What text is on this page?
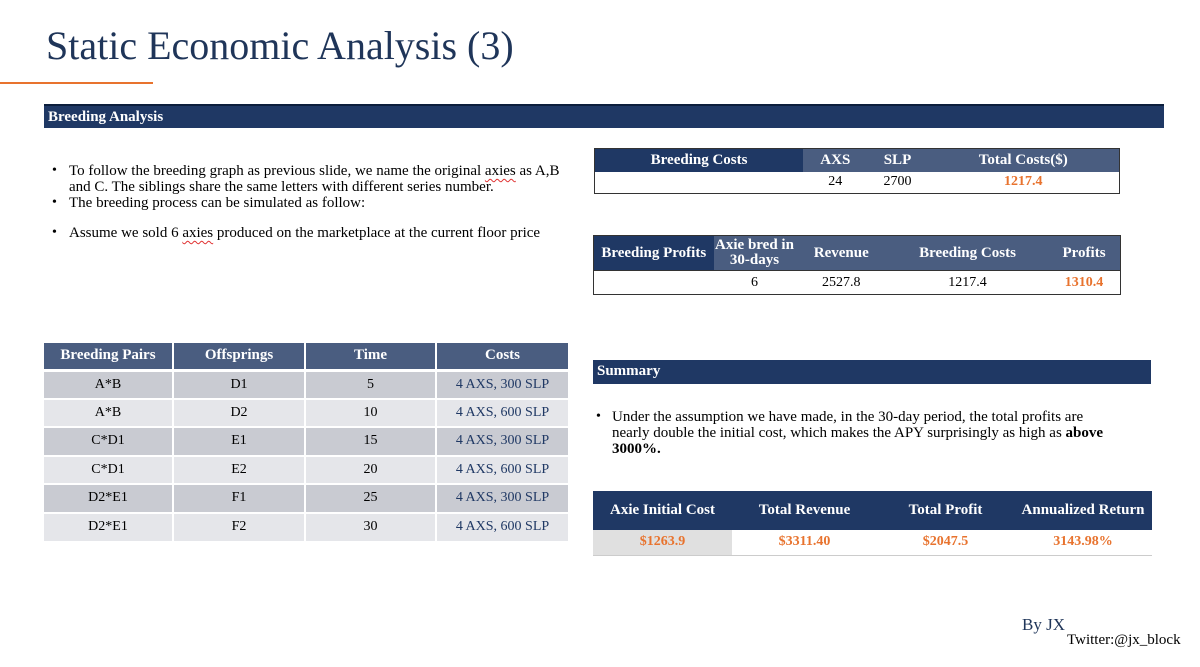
Static Economic Analysis (3)
Breeding Analysis
• To follow the breeding graph as previous slide, we name the original axies as A,B and C. The siblings share the same letters with different series number.
• The breeding process can be simulated as follow:
• Assume we sold 6 axies produced on the marketplace at the current floor price
Breeding Costs	AXS	SLP	Total Costs($)
	24	2700	1217.4
Breeding Profits	Axie bred in 30-days	Revenue	Breeding Costs	Profits
	6	2527.8	1217.4	1310.4
Breeding Pairs	Offsprings	Time	Costs
A*B	D1	5	4 AXS, 300 SLP
A*B	D2	10	4 AXS, 600 SLP
C*D1	E1	15	4 AXS, 300 SLP
C*D1	E2	20	4 AXS, 600 SLP
D2*E1	F1	25	4 AXS, 300 SLP
D2*E1	F2	30	4 AXS, 600 SLP
Summary
• Under the assumption we have made, in the 30-day period, the total profits are nearly double the initial cost, which makes the APY surprisingly as high as above 3000%.
Axie Initial Cost	Total Revenue	Total Profit	Annualized Return
$1263.9	$3311.40	$2047.5	3143.98%
By JX
Twitter:@jx_block
